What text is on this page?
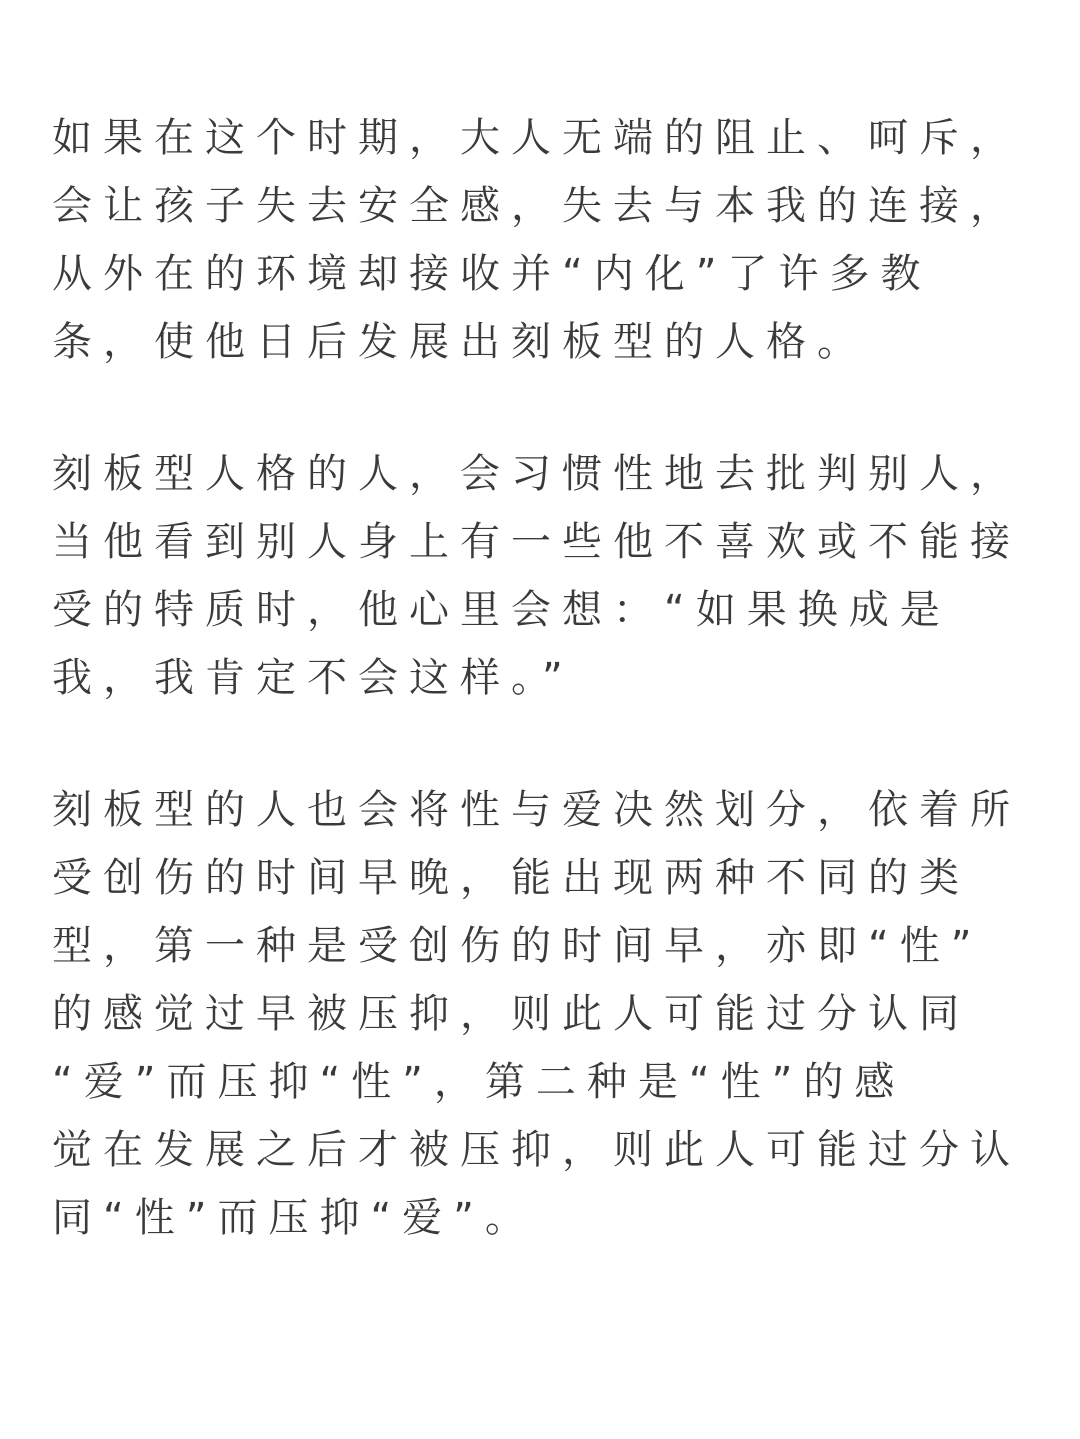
如果在这个时期，大人无端的阻止、呵斥，
会让孩子失去安全感，失去与本我的连接，
从外在的环境却接收并“内化”了许多教
条，使他日后发展出刻板型的人格。
刻板型人格的人，会习惯性地去批判别人，
当他看到别人身上有一些他不喜欢或不能接
受的特质时，他心里会想：“如果换成是
我，我肯定不会这样。”
刻板型的人也会将性与爱决然划分，依着所
受创伤的时间早晚，能出现两种不同的类
型，第一种是受创伤的时间早，亦即“性”
的感觉过早被压抑，则此人可能过分认同
“爱”而压抑“性”，第二种是“性”的感
觉在发展之后才被压抑，则此人可能过分认
同“性”而压抑“爱”。
